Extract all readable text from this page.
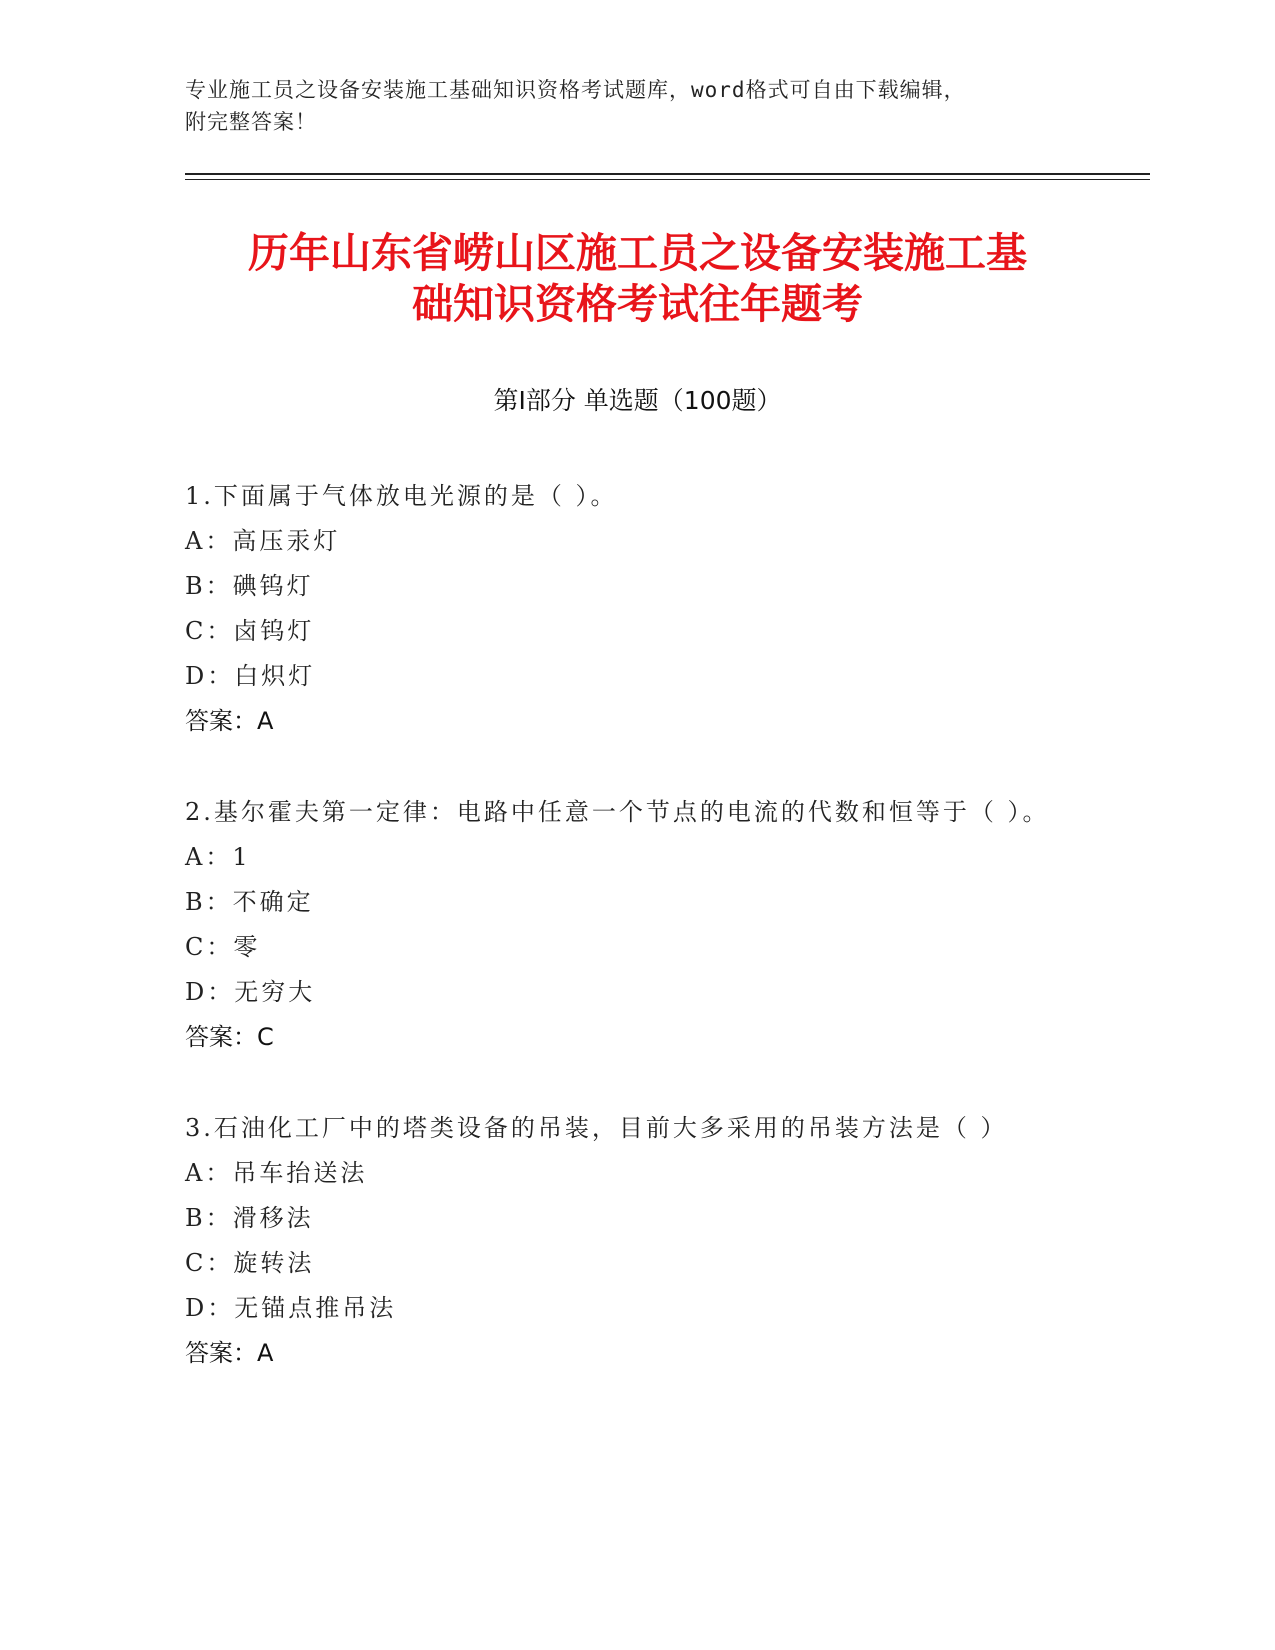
专业施工员之设备安装施工基础知识资格考试题库，word格式可自由下载编辑，
附完整答案！
历年山东省崂山区施工员之设备安装施工基
础知识资格考试往年题考
第Ⅰ部分 单选题（100题）
1.下面属于气体放电光源的是（ ）。
A：高压汞灯
B：碘钨灯
C：卤钨灯
D：白炽灯
答案：A
2.基尔霍夫第一定律：电路中任意一个节点的电流的代数和恒等于（ ）。
A：1
B：不确定
C：零
D：无穷大
答案：C
3.石油化工厂中的塔类设备的吊装，目前大多采用的吊装方法是（ ）
A：吊车抬送法
B：滑移法
C：旋转法
D：无锚点推吊法
答案：A
